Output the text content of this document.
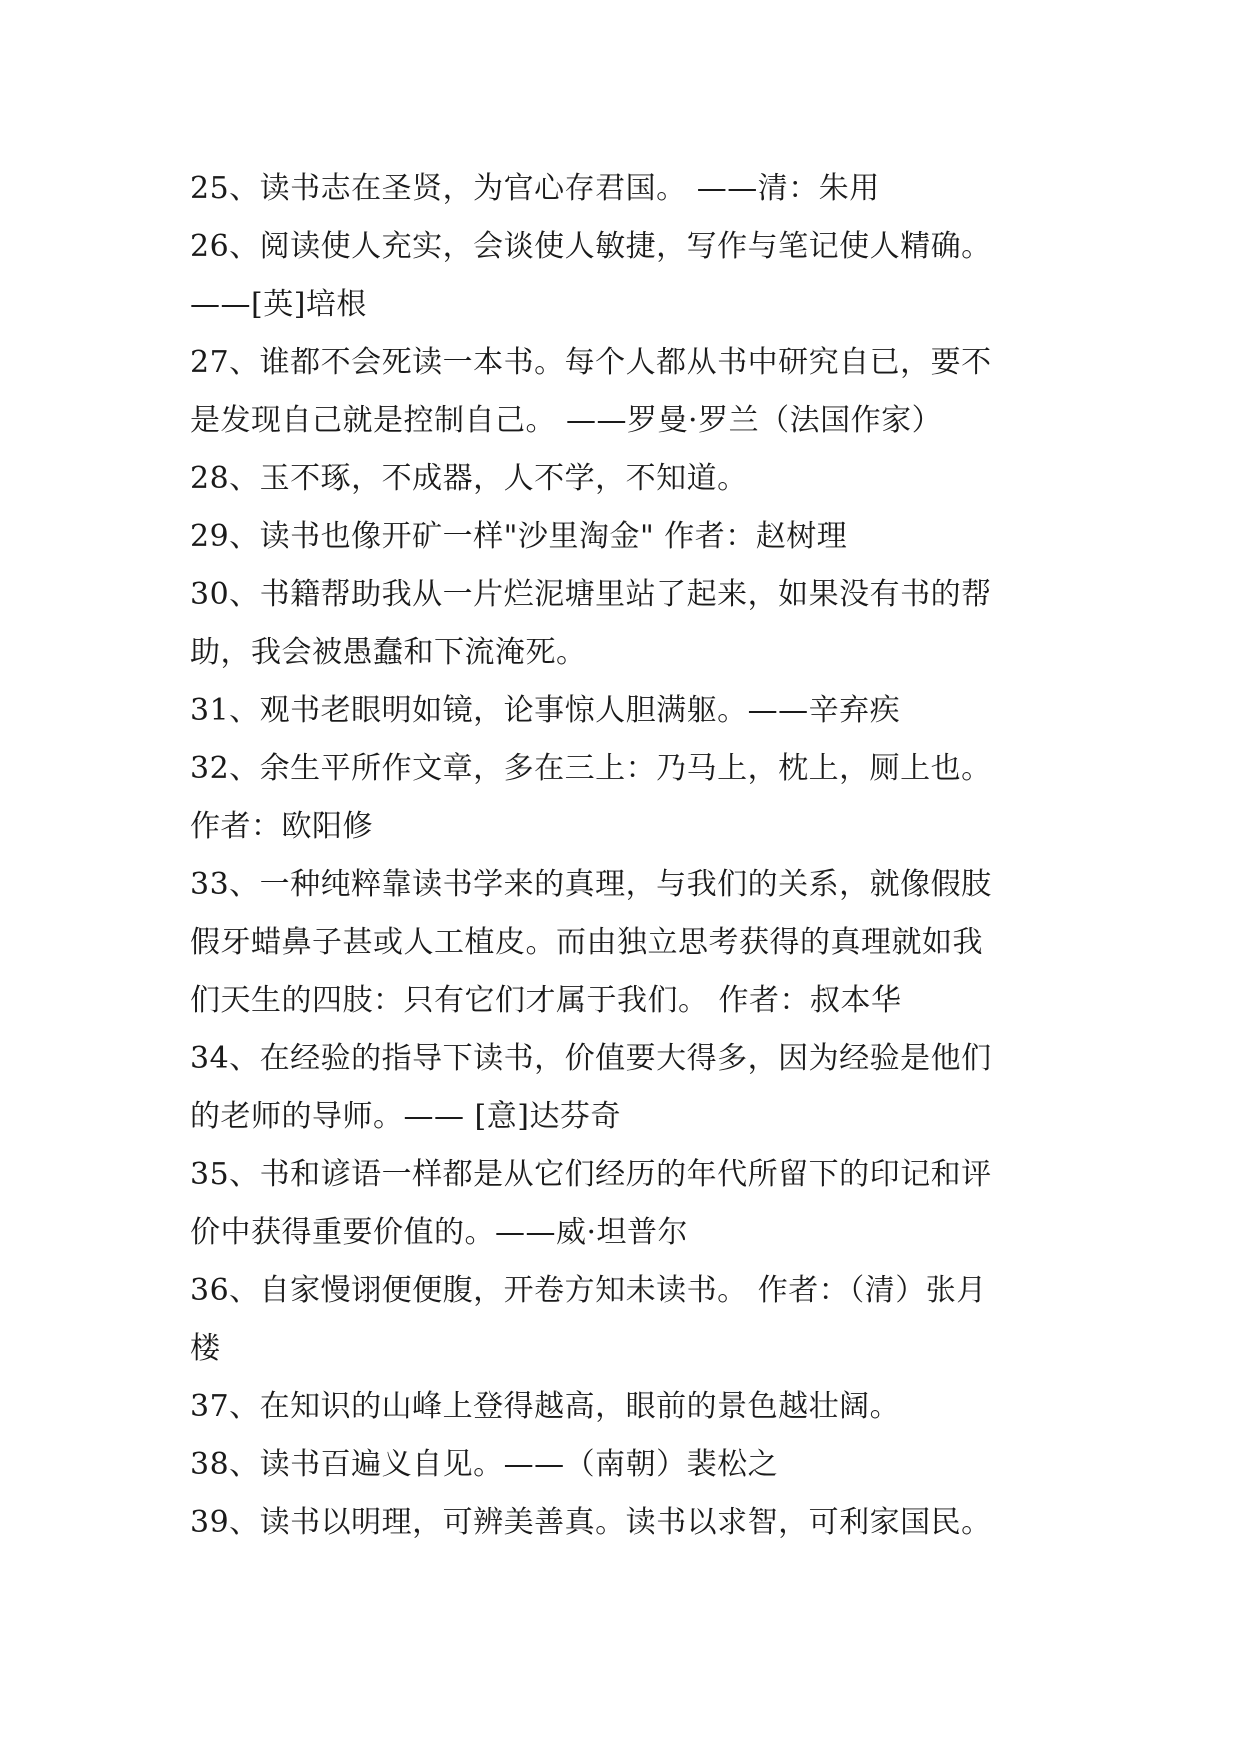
25、读书志在圣贤，为官心存君国。 ——清：朱用
26、阅读使人充实，会谈使人敏捷，写作与笔记使人精确。
——[英]培根
27、谁都不会死读一本书。每个人都从书中研究自已，要不
是发现自己就是控制自己。 ——罗曼·罗兰（法国作家）
28、玉不琢，不成器，人不学，不知道。
29、读书也像开矿一样"沙里淘金" 作者：赵树理
30、书籍帮助我从一片烂泥塘里站了起来，如果没有书的帮
助，我会被愚蠢和下流淹死。
31、观书老眼明如镜，论事惊人胆满躯。——辛弃疾
32、余生平所作文章，多在三上：乃马上，枕上，厕上也。
作者：欧阳修
33、一种纯粹靠读书学来的真理，与我们的关系，就像假肢
假牙蜡鼻子甚或人工植皮。而由独立思考获得的真理就如我
们天生的四肢：只有它们才属于我们。 作者：叔本华
34、在经验的指导下读书，价值要大得多，因为经验是他们
的老师的导师。—— [意]达芬奇
35、书和谚语一样都是从它们经历的年代所留下的印记和评
价中获得重要价值的。——威·坦普尔
36、自家慢诩便便腹，开卷方知未读书。 作者：（清）张月
楼
37、在知识的山峰上登得越高，眼前的景色越壮阔。
38、读书百遍义自见。——（南朝）裴松之
39、读书以明理，可辨美善真。读书以求智，可利家国民。
